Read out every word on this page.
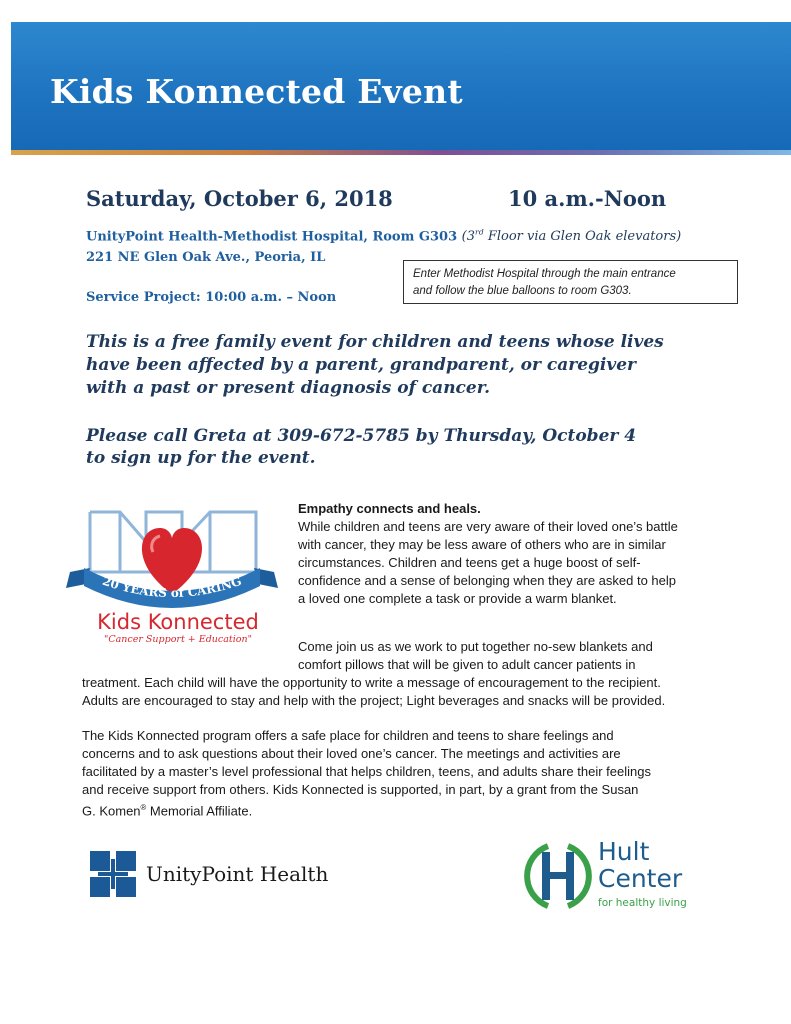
Kids Konnected Event
Saturday, October 6, 2018	10 a.m.-Noon
UnityPoint Health-Methodist Hospital, Room G303 (3rd Floor via Glen Oak elevators)
221 NE Glen Oak Ave., Peoria, IL
Service Project: 10:00 a.m. – Noon
Enter Methodist Hospital through the main entrance
and follow the blue balloons to room G303.
This is a free family event for children and teens whose lives
have been affected by a parent, grandparent, or caregiver
with a past or present diagnosis of cancer.
Please call Greta at 309-672-5785 by Thursday, October 4
to sign up for the event.
20 YEARS of CARING
Kids Konnected
"Cancer Support + Education"
Empathy connects and heals.
While children and teens are very aware of their loved one’s battle
with cancer, they may be less aware of others who are in similar
circumstances. Children and teens get a huge boost of self-
confidence and a sense of belonging when they are asked to help
a loved one complete a task or provide a warm blanket.
Come join us as we work to put together no-sew blankets and
comfort pillows that will be given to adult cancer patients in
treatment. Each child will have the opportunity to write a message of encouragement to the recipient.
Adults are encouraged to stay and help with the project; Light beverages and snacks will be provided.
The Kids Konnected program offers a safe place for children and teens to share feelings and
concerns and to ask questions about their loved one’s cancer. The meetings and activities are
facilitated by a master’s level professional that helps children, teens, and adults share their feelings
and receive support from others. Kids Konnected is supported, in part, by a grant from the Susan
G. Komen® Memorial Affiliate.
UnityPoint Health
Hult
Center
for healthy living
